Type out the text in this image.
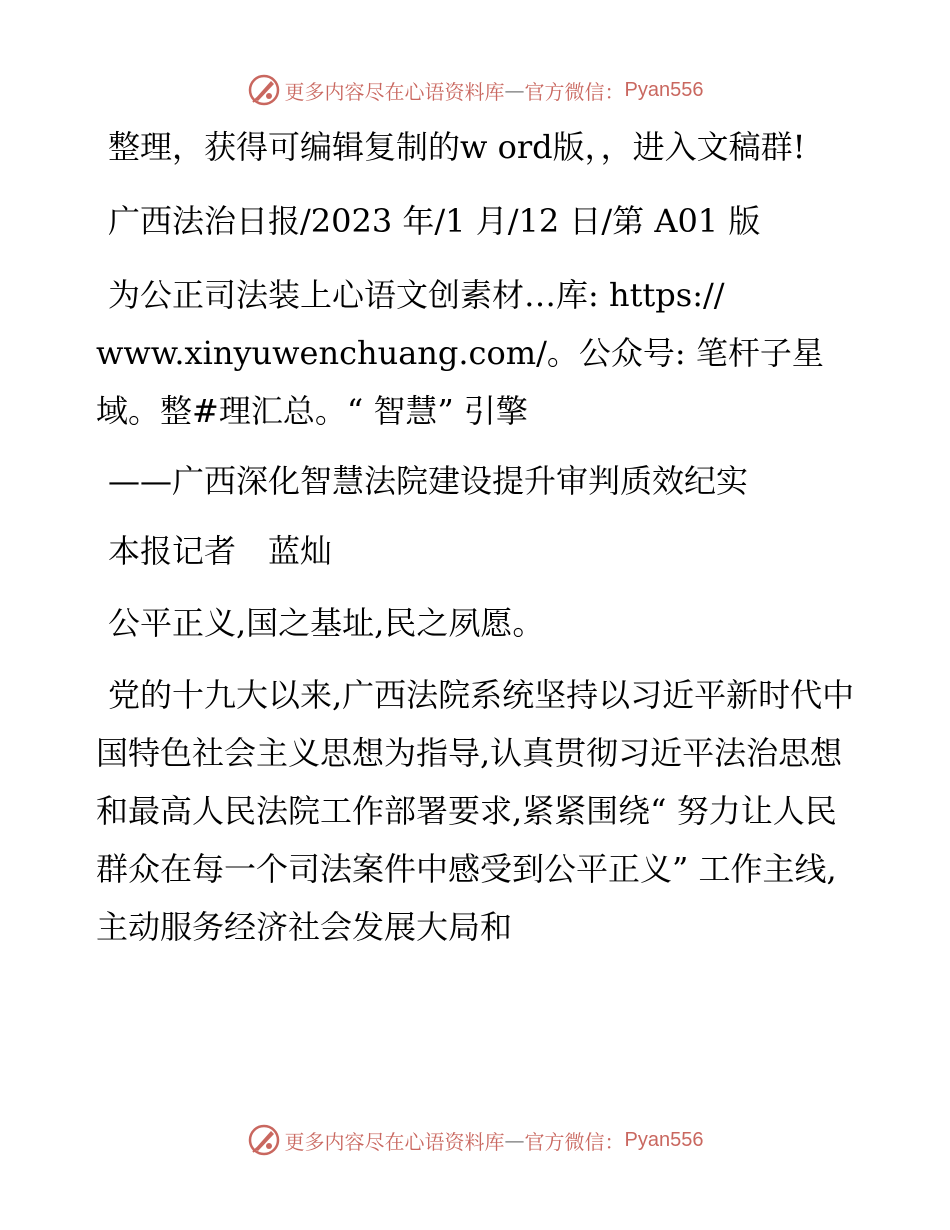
更多内容尽在心语资料库 — 官方微信： Pyan556

整理，获得可编辑复制的w ord版，，进入文稿群!

广西法治日报/2023 年/1 月/12 日/第 A01 版

为公正司法装上心语文创素材…库: https:// www.xinyuwenchuang.com/。公众号: 笔杆子星域。整#理汇总。“ 智慧” 引擎

——广西深化智慧法院建设提升审判质效纪实

本报记者　蓝灿

公平正义,国之基址,民之夙愿。

党的十九大以来,广西法院系统坚持以习近平新时代中国特色社会主义思想为指导,认真贯彻习近平法治思想和最高人民法院工作部署要求,紧紧围绕“ 努力让人民群众在每一个司法案件中感受到公平正义” 工作主线,主动服务经济社会发展大局和

更多内容尽在心语资料库 — 官方微信： Pyan556
